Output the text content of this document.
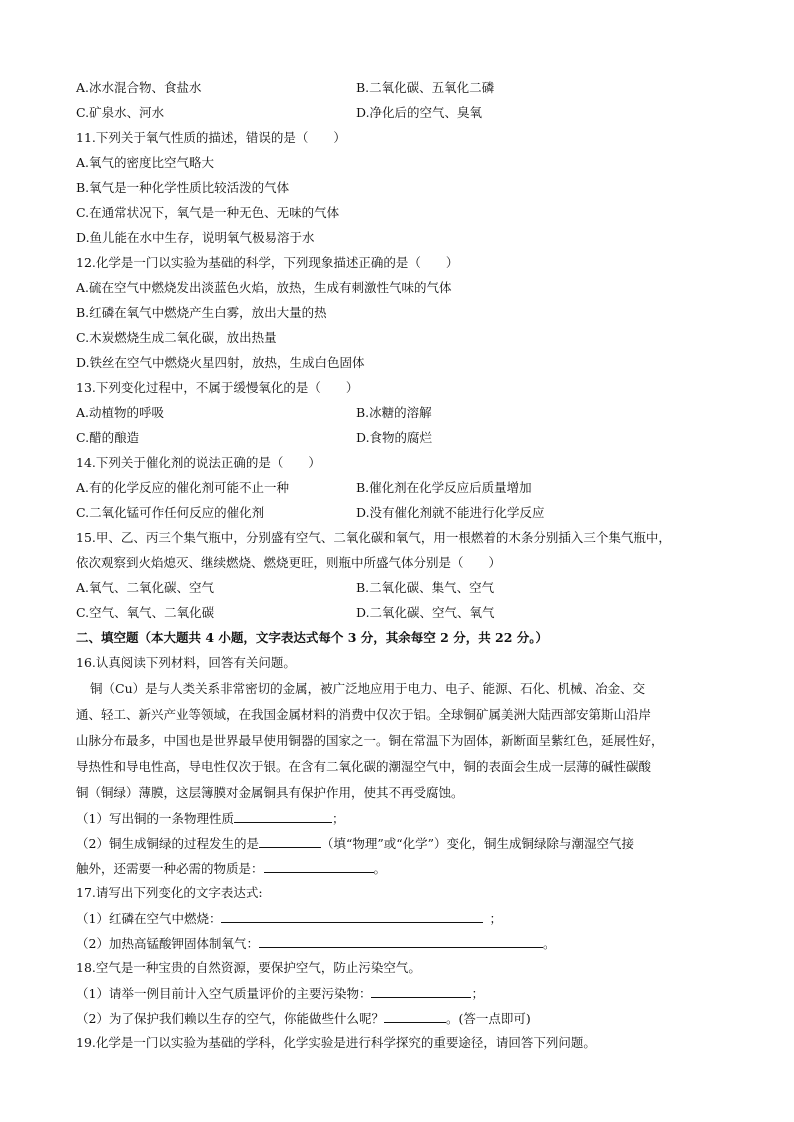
A.冰水混合物、食盐水	B.二氧化碳、五氧化二磷
C.矿泉水、河水	D.净化后的空气、臭氧
11.下列关于氧气性质的描述，错误的是（　　）
A.氧气的密度比空气略大
B.氧气是一种化学性质比较活泼的气体
C.在通常状况下，氧气是一种无色、无味的气体
D.鱼儿能在水中生存，说明氧气极易溶于水
12.化学是一门以实验为基础的科学，下列现象描述正确的是（　　）
A.硫在空气中燃烧发出淡蓝色火焰，放热，生成有刺激性气味的气体
B.红磷在氧气中燃烧产生白雾，放出大量的热
C.木炭燃烧生成二氧化碳，放出热量
D.铁丝在空气中燃烧火星四射，放热，生成白色固体
13.下列变化过程中，不属于缓慢氧化的是（　　）
A.动植物的呼吸	B.冰糖的溶解
C.醋的酿造	D.食物的腐烂
14.下列关于催化剂的说法正确的是（　　）
A.有的化学反应的催化剂可能不止一种	B.催化剂在化学反应后质量增加
C.二氧化锰可作任何反应的催化剂	D.没有催化剂就不能进行化学反应
15.甲、乙、丙三个集气瓶中，分别盛有空气、二氧化碳和氧气，用一根燃着的木条分别插入三个集气瓶中，
依次观察到火焰熄灭、继续燃烧、燃烧更旺，则瓶中所盛气体分别是（　　）
A.氧气、二氧化碳、空气	B.二氧化碳、集气、空气
C.空气、氧气、二氧化碳	D.二氧化碳、空气、氧气
二、填空题（本大题共 4 小题，文字表达式每个 3 分，其余每空 2 分，共 22 分。）
16.认真阅读下列材料，回答有关问题。
铜（Cu）是与人类关系非常密切的金属，被广泛地应用于电力、电子、能源、石化、机械、冶金、交
通、轻工、新兴产业等领域，在我国金属材料的消费中仅次于铝。全球铜矿属美洲大陆西部安第斯山沿岸
山脉分布最多，中国也是世界最早使用铜器的国家之一。铜在常温下为固体，新断面呈紫红色，延展性好，
导热性和导电性高，导电性仅次于银。在含有二氧化碳的潮湿空气中，铜的表面会生成一层薄的碱性碳酸
铜（铜绿）薄膜，这层簿膜对金属铜具有保护作用，使其不再受腐蚀。
（1）写出铜的一条物理性质	；
（2）铜生成铜绿的过程发生的是	（填“物理”或“化学”）变化，铜生成铜绿除与潮湿空气接
触外，还需要一种必需的物质是：	。
17.请写出下列变化的文字表达式:
（1）红磷在空气中燃烧：	；
（2）加热高锰酸钾固体制氧气：	。
18.空气是一种宝贵的自然资源，要保护空气，防止污染空气。
（1）请举一例目前计入空气质量评价的主要污染物：	；
（2）为了保护我们赖以生存的空气，你能做些什么呢？	。(答一点即可)
19.化学是一门以实验为基础的学科，化学实验是进行科学探究的重要途径，请回答下列问题。
